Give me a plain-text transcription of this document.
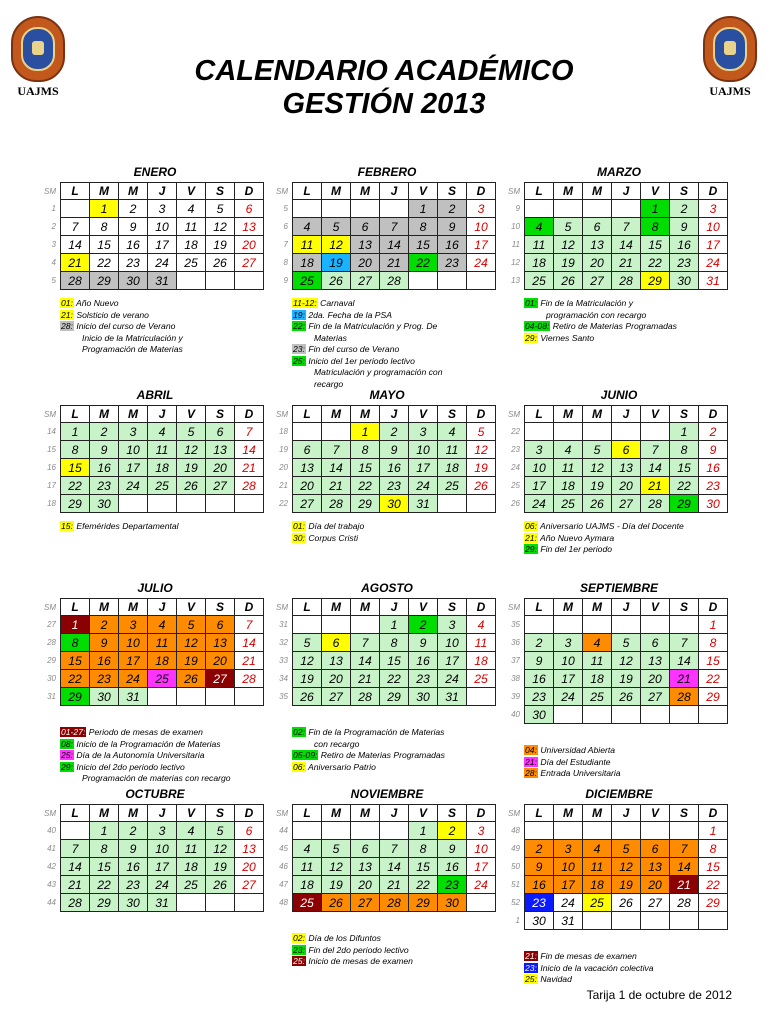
UAJMS	UAJMS
CALENDARIO ACADÉMICO
GESTIÓN 2013
ENERO
SM	L	M	M	J	V	S	D
1		1	2	3	4	5	6
2	7	8	9	10	11	12	13
3	14	15	16	17	18	19	20
4	21	22	23	24	25	26	27
5	28	29	30	31			
01: Año Nuevo
21: Solsticio de verano
28: Inicio del curso de Verano
Inicio de la Matriculación y
Programación de Materias
FEBRERO
SM	L	M	M	J	V	S	D
5					1	2	3
6	4	5	6	7	8	9	10
7	11	12	13	14	15	16	17
8	18	19	20	21	22	23	24
9	25	26	27	28			
11-12: Carnaval
19: 2da. Fecha de la PSA
22: Fin de la Matriculación y Prog. De
Materias
23: Fin del curso de Verano
25: Inicio del 1er periodo lectivo
Matriculación y programación con
recargo
MARZO
SM	L	M	M	J	V	S	D
9					1	2	3
10	4	5	6	7	8	9	10
11	11	12	13	14	15	16	17
12	18	19	20	21	22	23	24
13	25	26	27	28	29	30	31
01: Fin de la Matriculación y
programación con recargo
04-08: Retiro de Materias Programadas
29: Viernes Santo
ABRIL
SM	L	M	M	J	V	S	D
14	1	2	3	4	5	6	7
15	8	9	10	11	12	13	14
16	15	16	17	18	19	20	21
17	22	23	24	25	26	27	28
18	29	30					
15: Efemérides Departamental
MAYO
SM	L	M	M	J	V	S	D
18			1	2	3	4	5
19	6	7	8	9	10	11	12
20	13	14	15	16	17	18	19
21	20	21	22	23	24	25	26
22	27	28	29	30	31		
01: Día del trabajo
30: Corpus Cristi
JUNIO
SM	L	M	M	J	V	S	D
22						1	2
23	3	4	5	6	7	8	9
24	10	11	12	13	14	15	16
25	17	18	19	20	21	22	23
26	24	25	26	27	28	29	30
06: Aniversario UAJMS - Día del Docente
21: Año Nuevo Aymara
29: Fin del 1er periodo
JULIO
SM	L	M	M	J	V	S	D
27	1	2	3	4	5	6	7
28	8	9	10	11	12	13	14
29	15	16	17	18	19	20	21
30	22	23	24	25	26	27	28
31	29	30	31				
01-27: Periodo de mesas de examen
08: Inicio de la Programación de Materias
25: Día de la Autonomía Universitaria
29: Inicio del 2do periodo lectivo
Programación de materias con recargo
AGOSTO
SM	L	M	M	J	V	S	D
31				1	2	3	4
32	5	6	7	8	9	10	11
33	12	13	14	15	16	17	18
34	19	20	21	22	23	24	25
35	26	27	28	29	30	31	
02: Fin de la Programación de Materias
con recargo
05-09: Retiro de Materias Programadas
06: Aniversario Patrio
SEPTIEMBRE
SM	L	M	M	J	V	S	D
35							1
36	2	3	4	5	6	7	8
37	9	10	11	12	13	14	15
38	16	17	18	19	20	21	22
39	23	24	25	26	27	28	29
40	30						
04: Universidad Abierta
21: Día del Estudiante
28: Entrada Universitaria
OCTUBRE
SM	L	M	M	J	V	S	D
40		1	2	3	4	5	6
41	7	8	9	10	11	12	13
42	14	15	16	17	18	19	20
43	21	22	23	24	25	26	27
44	28	29	30	31			
NOVIEMBRE
SM	L	M	M	J	V	S	D
44					1	2	3
45	4	5	6	7	8	9	10
46	11	12	13	14	15	16	17
47	18	19	20	21	22	23	24
48	25	26	27	28	29	30	
02: Día de los Difuntos
23: Fin del 2do periodo lectivo
25: Inicio de mesas de examen
DICIEMBRE
SM	L	M	M	J	V	S	D
48							1
49	2	3	4	5	6	7	8
50	9	10	11	12	13	14	15
51	16	17	18	19	20	21	22
52	23	24	25	26	27	28	29
1	30	31					
21: Fin de mesas de examen
23: Inicio de la vacación colectiva
25: Navidad
Tarija 1 de octubre de 2012
